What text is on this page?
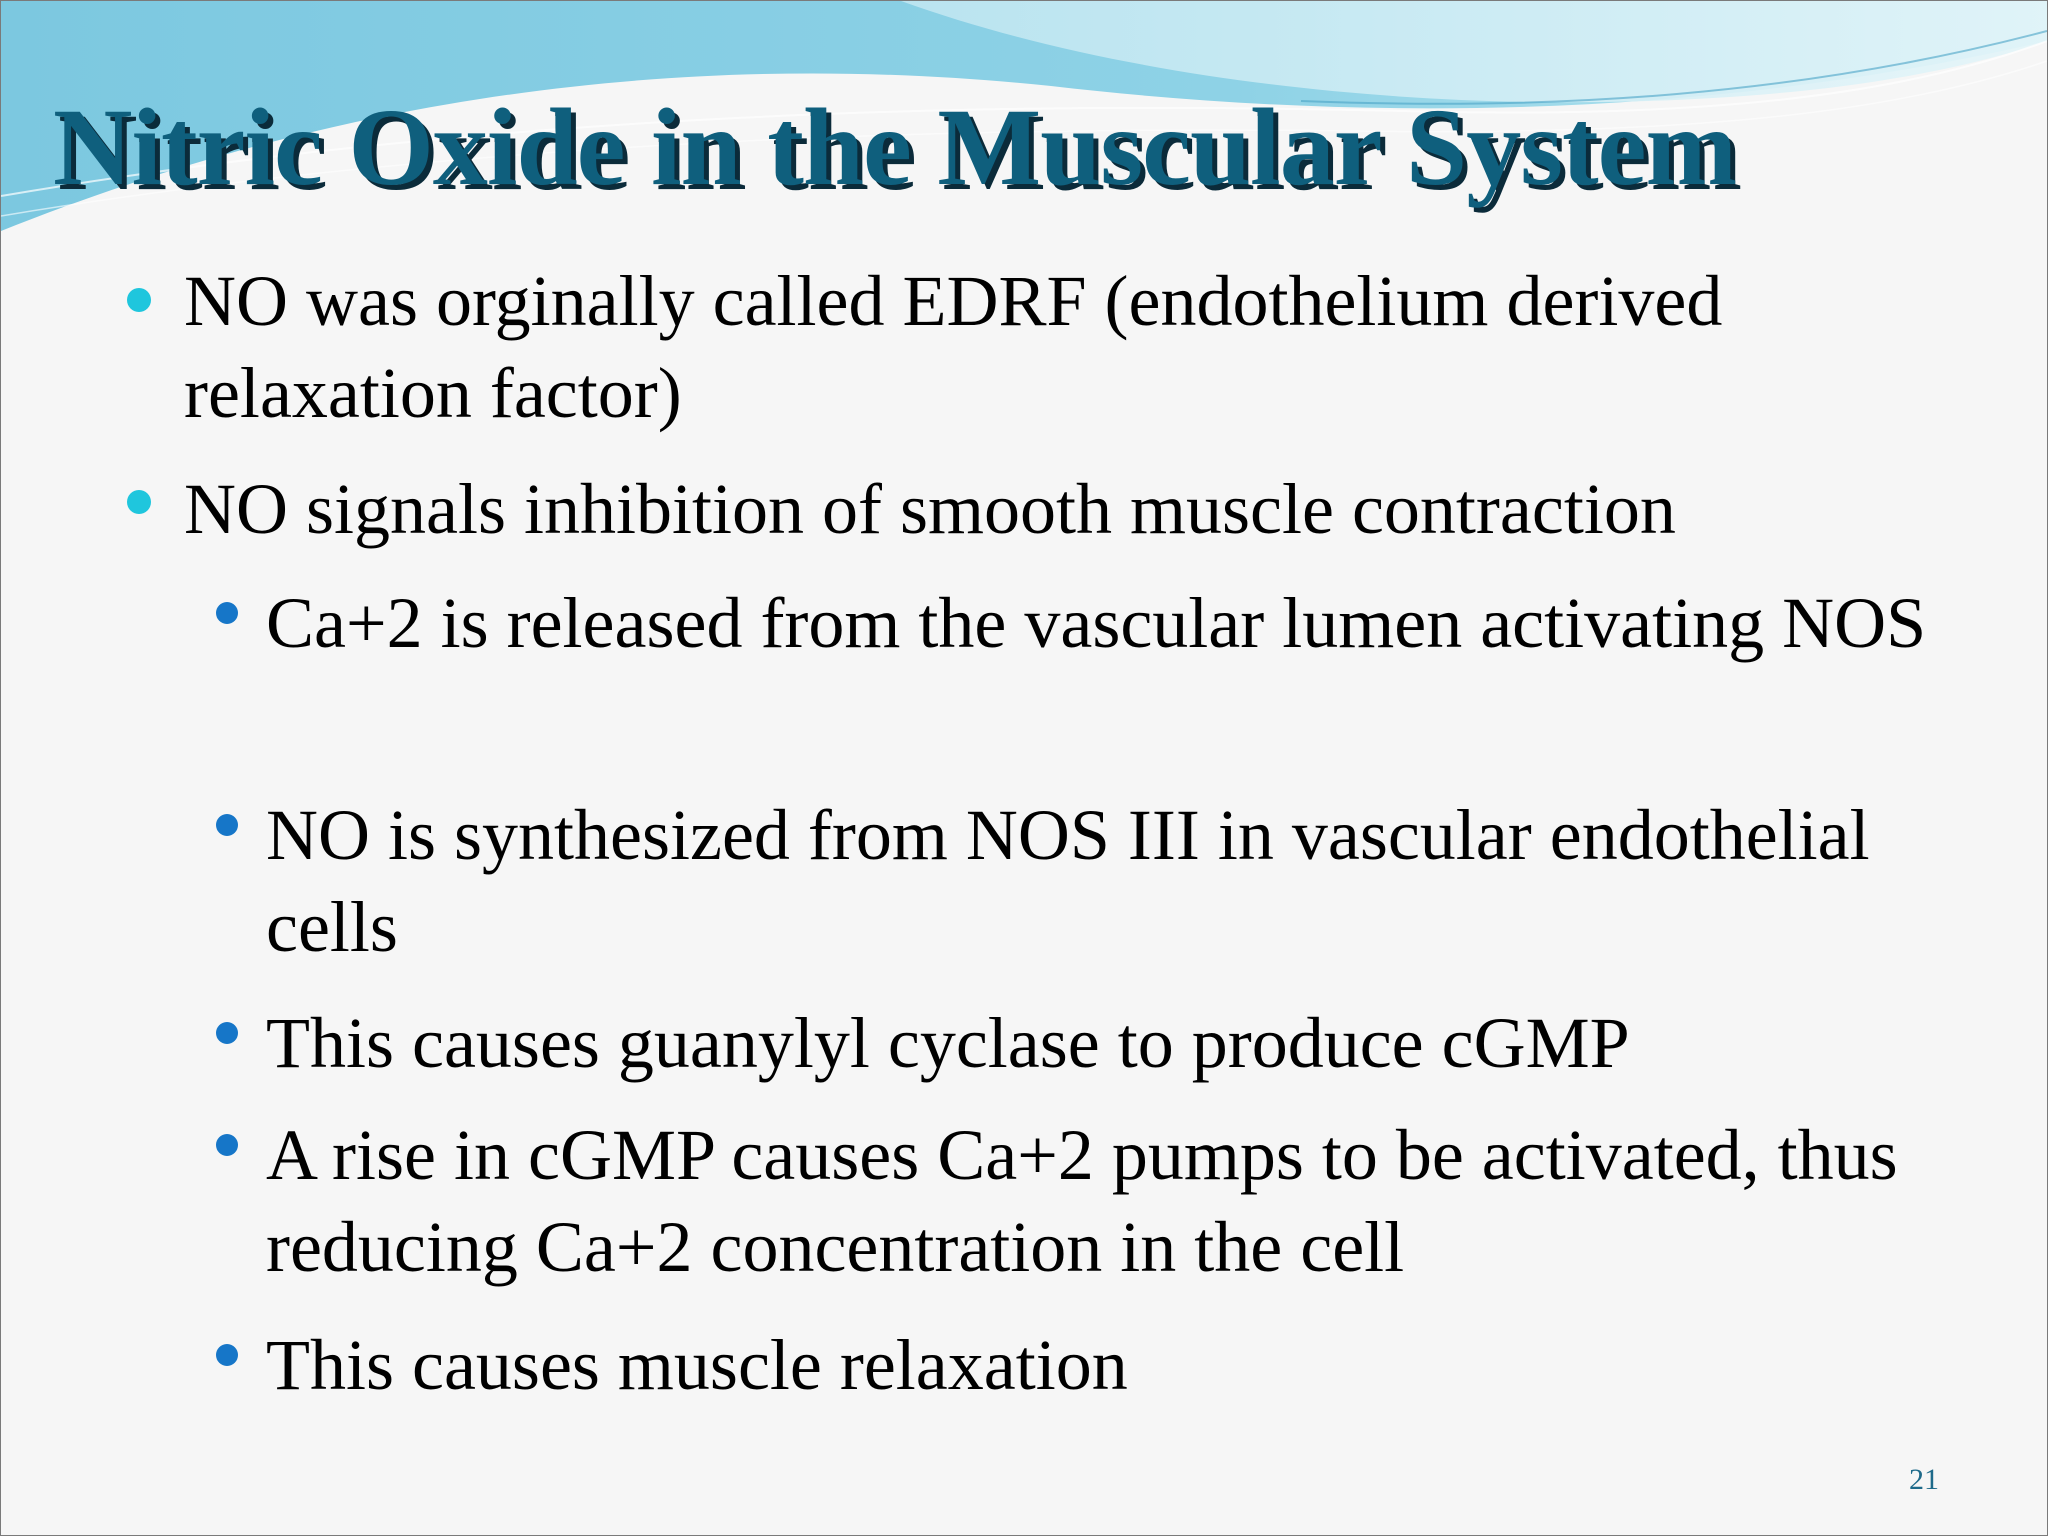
Nitric Oxide in the Muscular System

NO was orginally called EDRF (endothelium derived relaxation factor)

NO signals inhibition of smooth muscle contraction

Ca+2 is released from the vascular lumen activating NOS

NO is synthesized from NOS III in vascular endothelial cells

This causes guanylyl cyclase to produce cGMP

A rise in cGMP causes Ca+2 pumps to be activated, thus reducing Ca+2 concentration in the cell

This causes muscle relaxation

21
